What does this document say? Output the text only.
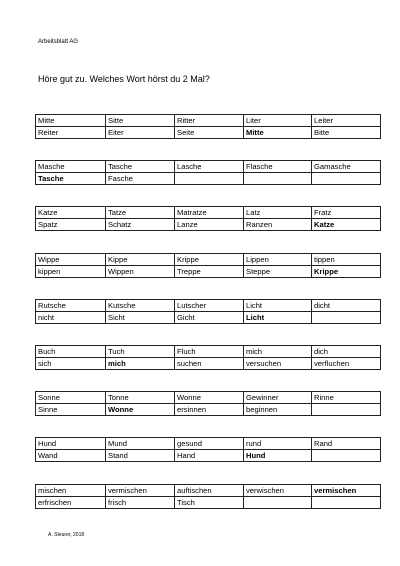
Arbeitsblatt AG
Höre gut zu. Welches Wort hörst du 2 Mal?
Mitte	Sitte	Ritter	Liter	Leiter
Reiter	Eiter	Seite	Mitte	Bitte
Masche	Tasche	Lasche	Flasche	Gamasche
Tasche	Fasche			
Katze	Tatze	Matratze	Latz	Fratz
Spatz	Schatz	Lanze	Ranzen	Katze
Wippe	Kippe	Krippe	Lippen	tippen
kippen	Wippen	Treppe	Steppe	Krippe
Rutsche	Kutsche	Lutscher	Licht	dicht
nicht	Sicht	Gicht	Licht	
Buch	Tuch	Fluch	mich	dich
sich	mich	suchen	versuchen	verfluchen
Sonne	Tonne	Wonne	Gewinner	Rinne
Sinne	Wonne	ersinnen	beginnen	
Hund	Mund	gesund	rund	Rand
Wand	Stand	Hand	Hund	
mischen	vermischen	auftischen	verwischen	vermischen
erfrischen	frisch	Tisch		
A. Steurer, 2018
